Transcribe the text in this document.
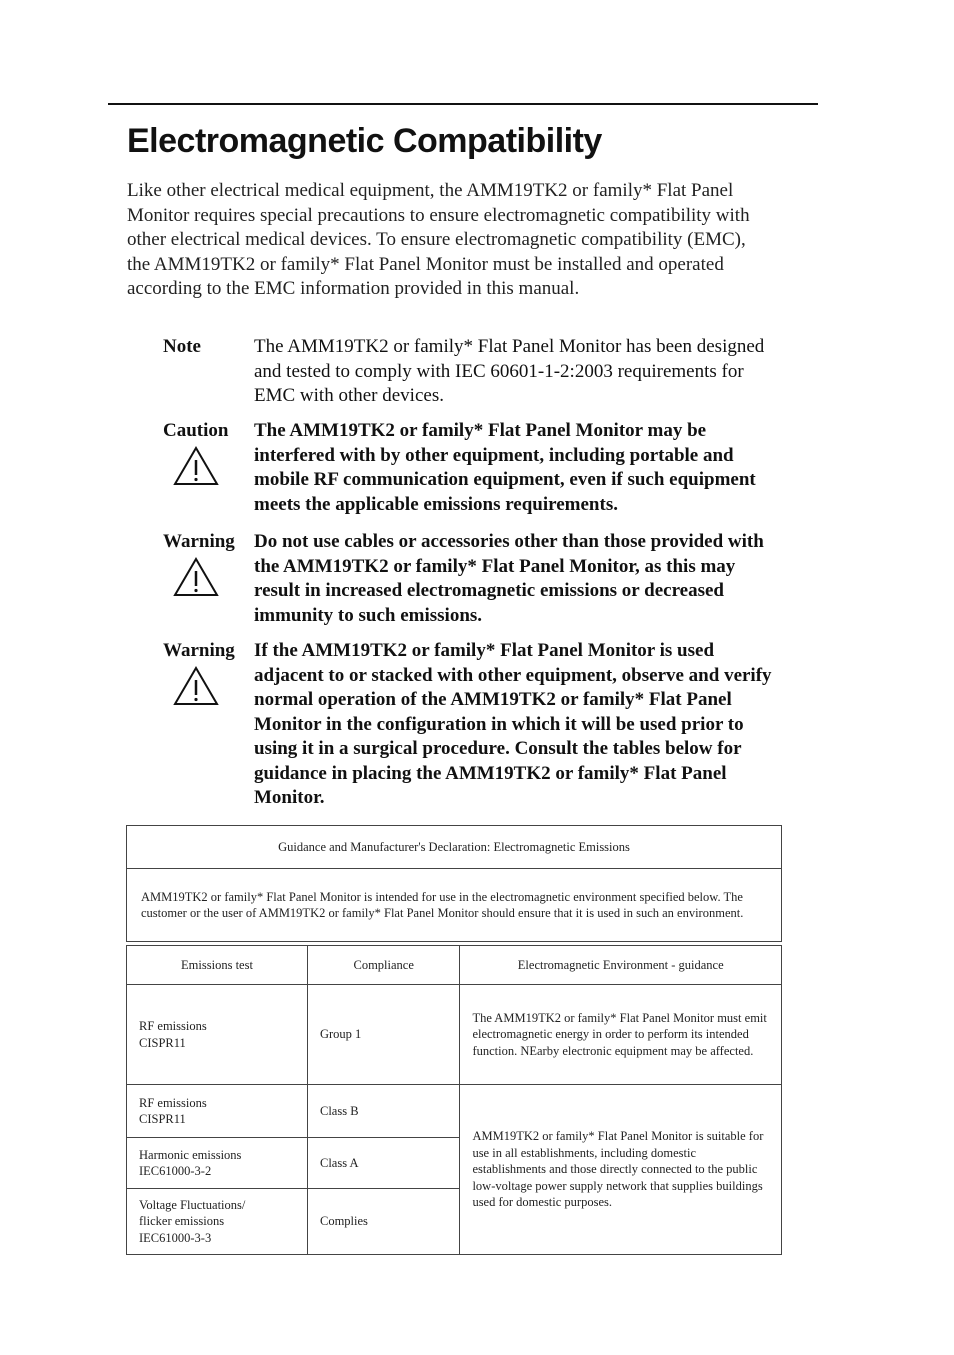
Electromagnetic Compatibility

Like other electrical medical equipment, the AMM19TK2 or family* Flat Panel Monitor requires special precautions to ensure electromagnetic compatibility with other electrical medical devices. To ensure electromagnetic compatibility (EMC), the AMM19TK2 or family* Flat Panel Monitor must be installed and operated according to the EMC information provided in this manual.

Note	The AMM19TK2 or family* Flat Panel Monitor has been designed and tested to comply with IEC 60601-1-2:2003 requirements for EMC with other devices.

Caution The AMM19TK2 or family* Flat Panel Monitor may be interfered with by other equipment, including portable and mobile RF communication equipment, even if such equipment meets the applicable emissions requirements.

Warning Do not use cables or accessories other than those provided with the AMM19TK2 or family* Flat Panel Monitor, as this may result in increased electromagnetic emissions or decreased immunity to such emissions.

Warning If the AMM19TK2 or family* Flat Panel Monitor is used adjacent to or stacked with other equipment, observe and verify normal operation of the AMM19TK2 or family* Flat Panel Monitor in the configuration in which it will be used prior to using it in a surgical procedure. Consult the tables below for guidance in placing the AMM19TK2 or family* Flat Panel Monitor.

Guidance and Manufacturer's Declaration: Electromagnetic Emissions		
AMM19TK2 or family* Flat Panel Monitor is intended for use in the electromagnetic environment specified below. The customer or the user of AMM19TK2 or family* Flat Panel Monitor should ensure that it is used in such an environment.		

Emissions test	Compliance	Electromagnetic Environment - guidance

RF emissions
CISPR11	Group 1	The AMM19TK2 or family* Flat Panel Monitor must emit electromagnetic energy in order to perform its intended function. NEarby electronic equipment may be affected.

RF emissions
CISPR11	Class B	AMM19TK2 or family* Flat Panel Monitor is suitable for use in all establishments, including domestic establishments and those directly connected to the public low-voltage power supply network that supplies buildings used for domestic purposes.

Harmonic emissions
IEC61000-3-2	Class A	

Voltage Fluctuations/
flicker emissions
IEC61000-3-3	Complies	
